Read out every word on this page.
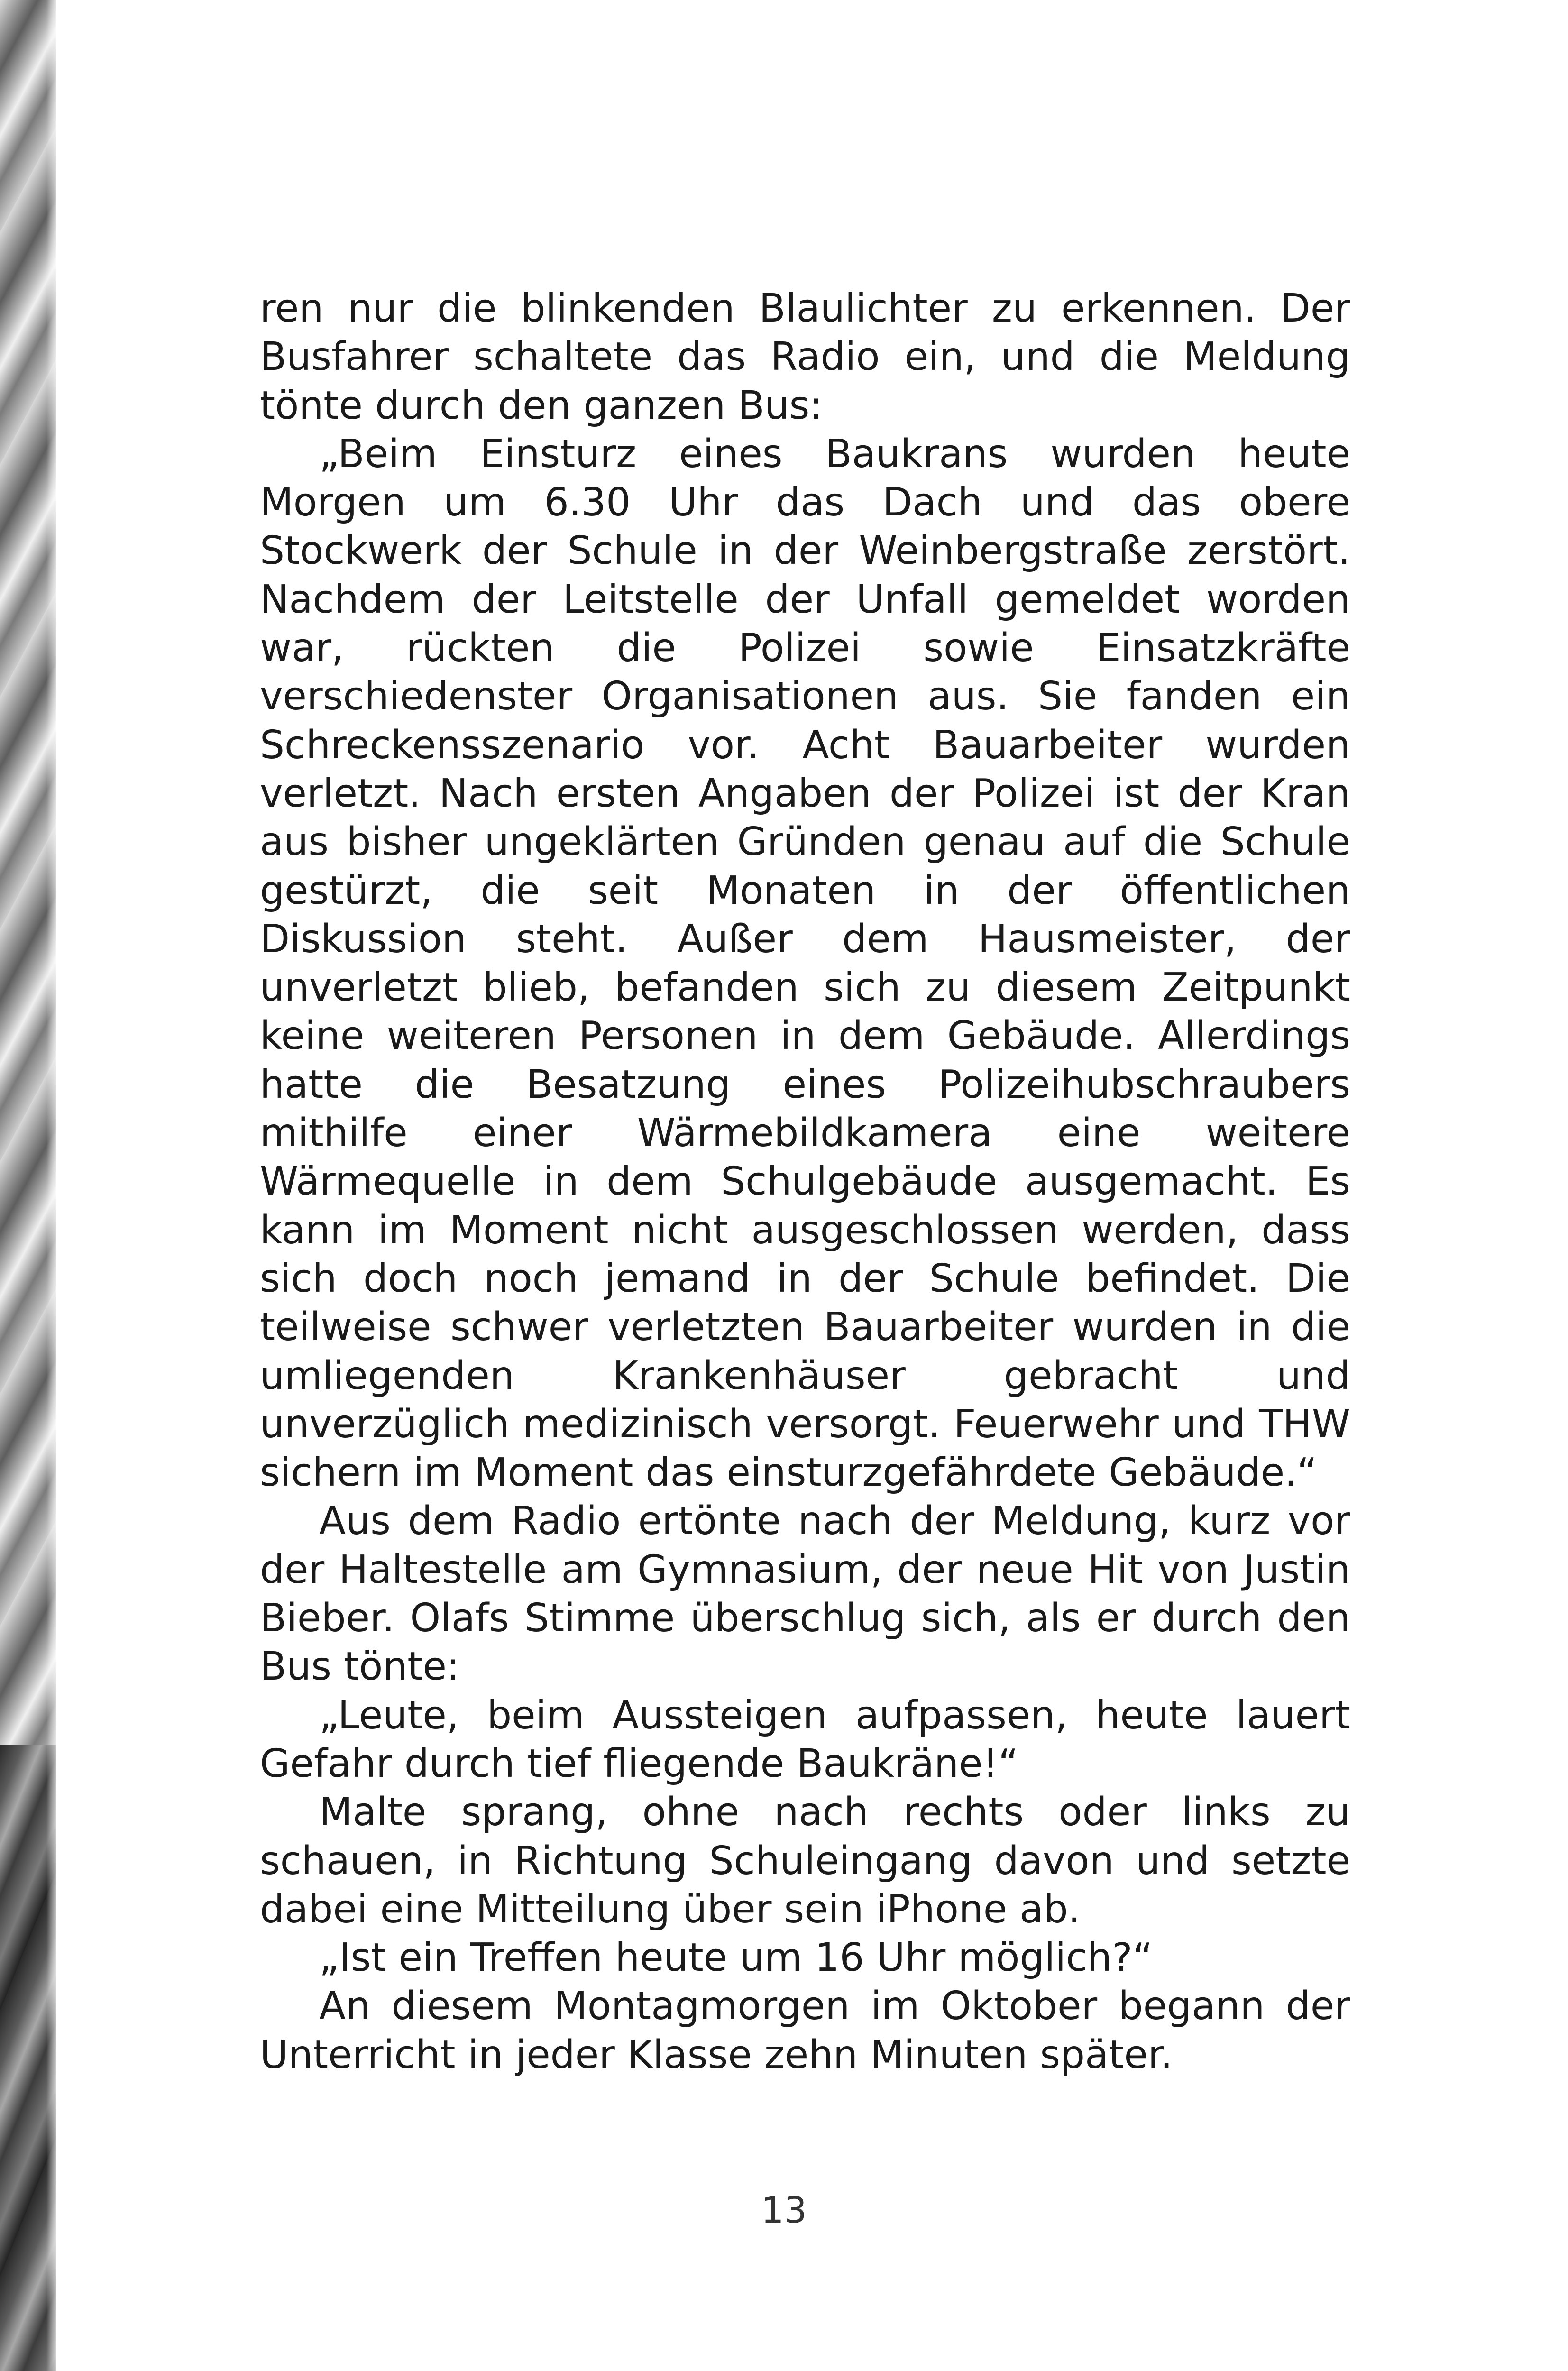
ren nur die blinkenden Blaulichter zu erkennen. Der Busfahrer schaltete das Radio ein, und die Meldung tönte durch den ganzen Bus:

„Beim Einsturz eines Baukrans wurden heute Morgen um 6.30 Uhr das Dach und das obere Stockwerk der Schule in der Weinbergstraße zerstört. Nachdem der Leitstelle der Unfall gemeldet worden war, rückten die Polizei sowie Einsatzkräfte verschiedenster Organisationen aus. Sie fanden ein Schreckensszenario vor. Acht Bauarbeiter wurden verletzt. Nach ersten Angaben der Polizei ist der Kran aus bisher ungeklärten Gründen genau auf die Schule gestürzt, die seit Monaten in der öffentlichen Diskussion steht. Außer dem Hausmeister, der unverletzt blieb, befanden sich zu diesem Zeitpunkt keine weiteren Personen in dem Gebäude. Allerdings hatte die Besatzung eines Polizeihubschraubers mithilfe einer Wärmebildkamera eine weitere Wärmequelle in dem Schulgebäude ausgemacht. Es kann im Moment nicht ausgeschlossen werden, dass sich doch noch jemand in der Schule befindet. Die teilweise schwer verletzten Bauarbeiter wurden in die umliegenden Krankenhäuser gebracht und unverzüglich medizinisch versorgt. Feuerwehr und THW sichern im Moment das einsturzgefährdete Gebäude.“

Aus dem Radio ertönte nach der Meldung, kurz vor der Haltestelle am Gymnasium, der neue Hit von Justin Bieber. Olafs Stimme überschlug sich, als er durch den Bus tönte:

„Leute, beim Aussteigen aufpassen, heute lauert Gefahr durch tief fliegende Baukräne!“

Malte sprang, ohne nach rechts oder links zu schauen, in Richtung Schuleingang davon und setzte dabei eine Mitteilung über sein iPhone ab.

„Ist ein Treffen heute um 16 Uhr möglich?“

An diesem Montagmorgen im Oktober begann der Unterricht in jeder Klasse zehn Minuten später.

13
